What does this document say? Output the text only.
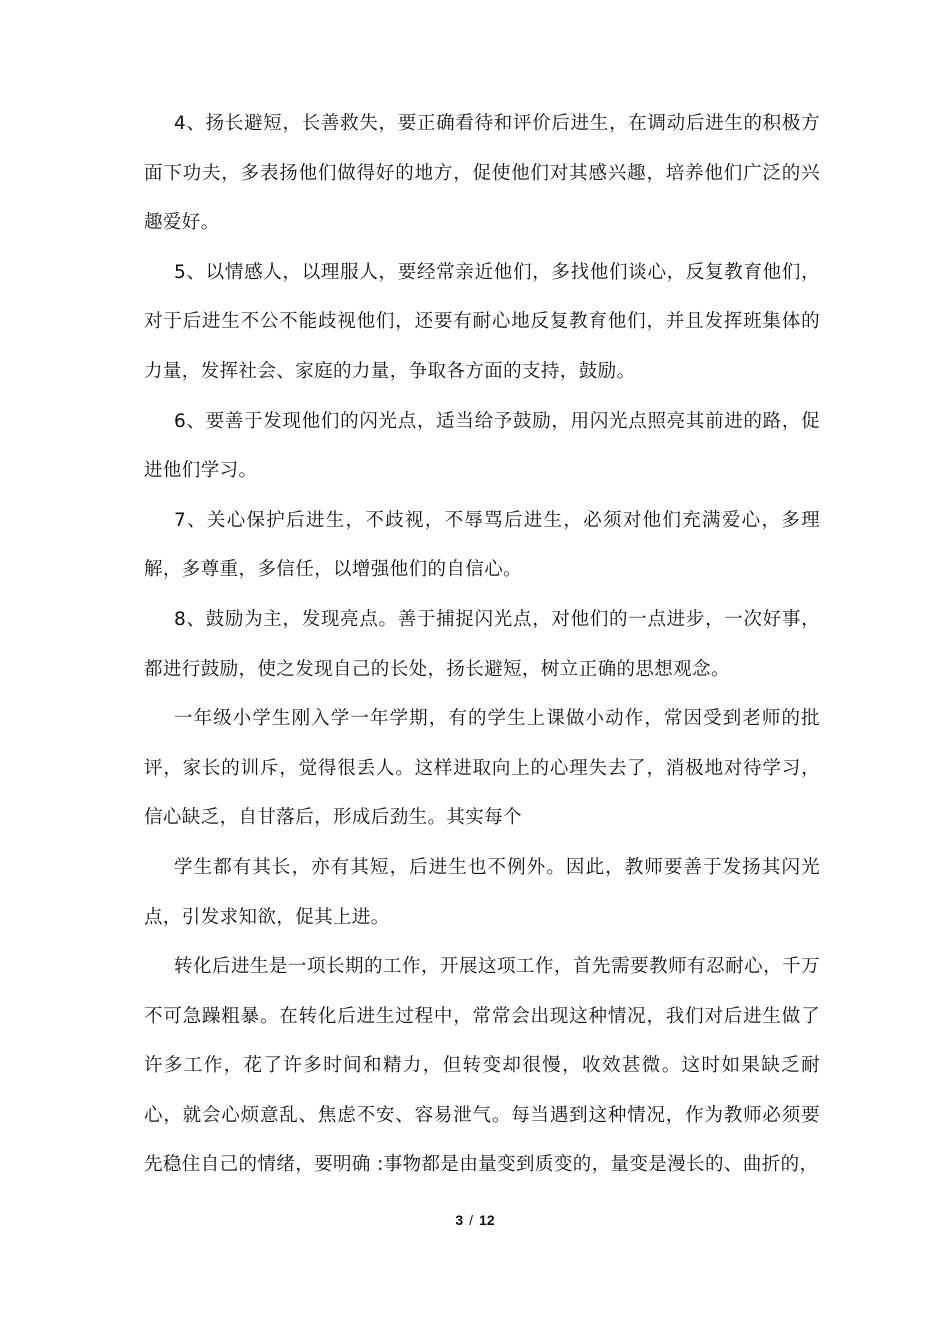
4、扬长避短，长善救失，要正确看待和评价后进生，在调动后进生的积极方面下功夫，多表扬他们做得好的地方，促使他们对其感兴趣，培养他们广泛的兴趣爱好。

5、以情感人，以理服人，要经常亲近他们，多找他们谈心，反复教育他们，对于后进生不公不能歧视他们，还要有耐心地反复教育他们，并且发挥班集体的力量，发挥社会、家庭的力量，争取各方面的支持，鼓励。

6、要善于发现他们的闪光点，适当给予鼓励，用闪光点照亮其前进的路，促进他们学习。

7、关心保护后进生，不歧视，不辱骂后进生，必须对他们充满爱心，多理解，多尊重，多信任，以增强他们的自信心。

8、鼓励为主，发现亮点。善于捕捉闪光点，对他们的一点进步，一次好事，都进行鼓励，使之发现自己的长处，扬长避短，树立正确的思想观念。

一年级小学生刚入学一年学期，有的学生上课做小动作，常因受到老师的批评，家长的训斥，觉得很丢人。这样进取向上的心理失去了，消极地对待学习，信心缺乏，自甘落后，形成后劲生。其实每个

学生都有其长，亦有其短，后进生也不例外。因此，教师要善于发扬其闪光点，引发求知欲，促其上进。

转化后进生是一项长期的工作，开展这项工作，首先需要教师有忍耐心，千万不可急躁粗暴。在转化后进生过程中，常常会出现这种情况，我们对后进生做了许多工作，花了许多时间和精力，但转变却很慢，收效甚微。这时如果缺乏耐心，就会心烦意乱、焦虑不安、容易泄气。每当遇到这种情况，作为教师必须要先稳住自己的情绪，要明确 :事物都是由量变到质变的，量变是漫长的、曲折的，

3 / 12
